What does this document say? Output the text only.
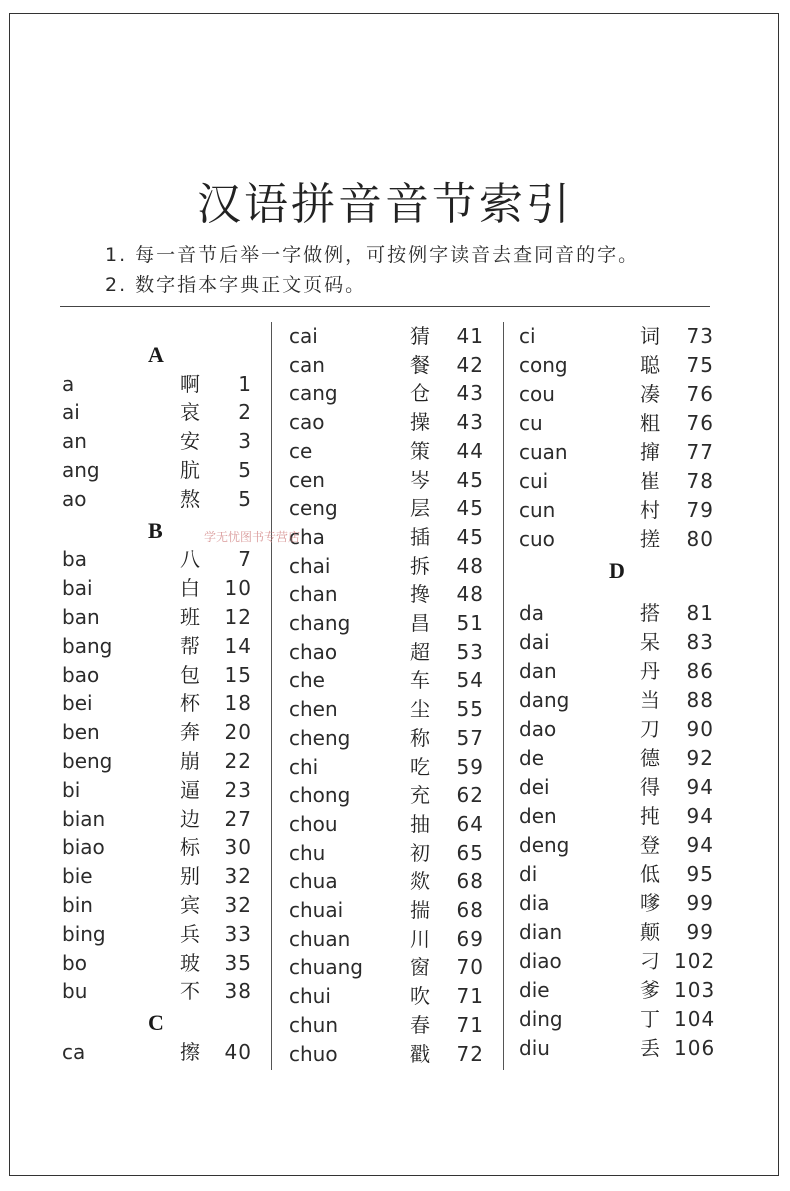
汉语拼音音节索引
1. 每一音节后举一字做例，可按例字读音去查同音的字。
2. 数字指本字典正文页码。
A
a	啊	1
ai	哀	2
an	安	3
ang	肮	5
ao	熬	5
B
ba	八	7
bai	白	10
ban	班	12
bang	帮	14
bao	包	15
bei	杯	18
ben	奔	20
beng	崩	22
bi	逼	23
bian	边	27
biao	标	30
bie	别	32
bin	宾	32
bing	兵	33
bo	玻	35
bu	不	38
C
ca	擦	40
cai	猜	41
can	餐	42
cang	仓	43
cao	操	43
ce	策	44
cen	岑	45
ceng	层	45
cha	插	45
chai	拆	48
chan	搀	48
chang	昌	51
chao	超	53
che	车	54
chen	尘	55
cheng	称	57
chi	吃	59
chong	充	62
chou	抽	64
chu	初	65
chua	欻	68
chuai	揣	68
chuan	川	69
chuang 窗	70
chui	吹	71
chun	春	71
chuo	戳	72
ci	词	73
cong	聪	75
cou	凑	76
cu	粗	76
cuan	撺	77
cui	崔	78
cun	村	79
cuo	搓	80
D
da	搭	81
dai	呆	83
dan	丹	86
dang	当	88
dao	刀	90
de	德	92
dei	得	94
den	扽	94
deng	登	94
di	低	95
dia	嗲	99
dian	颠	99
diao	刁 102
die	爹 103
ding	丁 104
diu	丢 106
学无忧图书专营店
